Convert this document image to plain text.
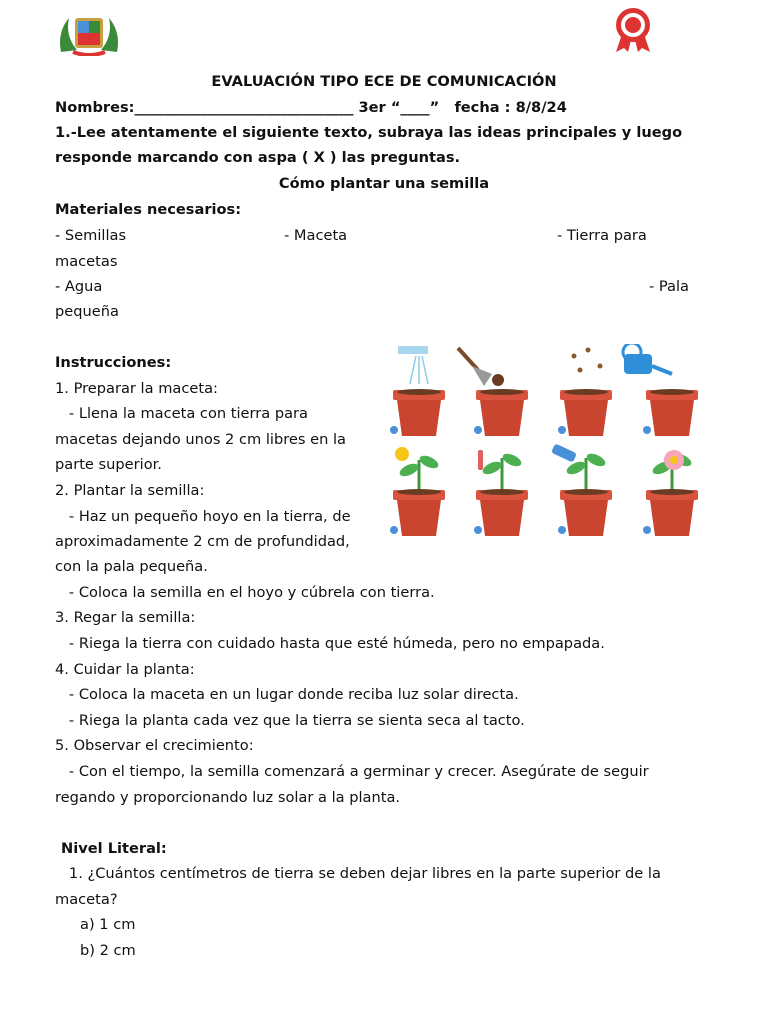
EVALUACIÓN TIPO ECE DE COMUNICACIÓN
Nombres:______________________________ 3er “____”   fecha : 8/8/24
1.-Lee atentamente el siguiente texto, subraya las ideas principales y luego
responde marcando con aspa ( X ) las preguntas.
Cómo plantar una semilla
Materiales necesarios:
- Semillas	- Maceta	- Tierra para
macetas
- Agua	- Pala
pequeña
Instrucciones:
1. Preparar la maceta:
- Llena la maceta con tierra para
macetas dejando unos 2 cm libres en la
parte superior.
2. Plantar la semilla:
- Haz un pequeño hoyo en la tierra, de
aproximadamente 2 cm de profundidad,
con la pala pequeña.
- Coloca la semilla en el hoyo y cúbrela con tierra.
3. Regar la semilla:
- Riega la tierra con cuidado hasta que esté húmeda, pero no empapada.
4. Cuidar la planta:
- Coloca la maceta en un lugar donde reciba luz solar directa.
- Riega la planta cada vez que la tierra se sienta seca al tacto.
5. Observar el crecimiento:
- Con el tiempo, la semilla comenzará a germinar y crecer. Asegúrate de seguir
regando y proporcionando luz solar a la planta.
Nivel Literal:
1. ¿Cuántos centímetros de tierra se deben dejar libres en la parte superior de la
maceta?
a) 1 cm
b) 2 cm
